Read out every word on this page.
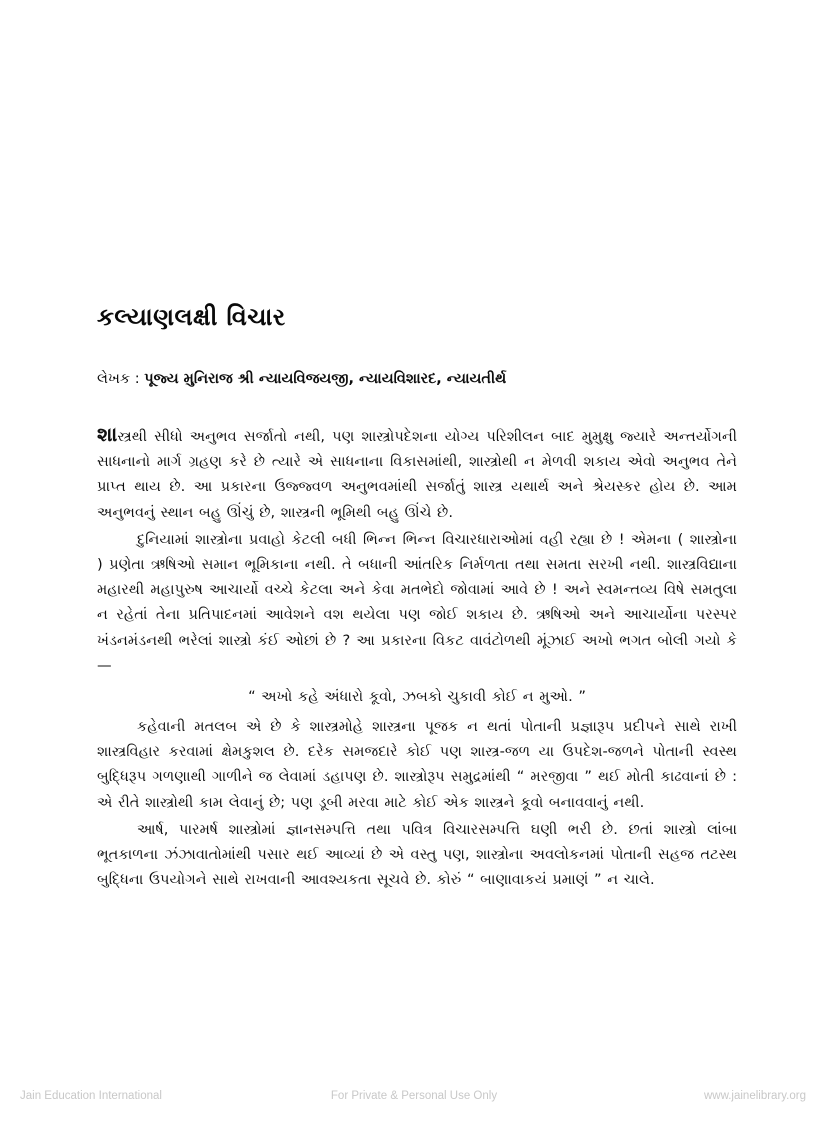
કલ્યાણલક્ષી વિચાર
લેખક : પૂજ્ય મુનિરાજ શ્રી ન્યાયવિજયજી, ન્યાયવિશારદ, ન્યાયતીર્થ

શાસ્ત્રથી સીધો અનુભવ સર્જાતો નથી, પણ શાસ્ત્રોપદેશના યોગ્ય પરિશીલન બાદ મુમુક્ષુ જ્યારે અન્તર્યોગની સાધનાનો માર્ગ ગ્રહણ કરે છે ત્યારે એ સાધનાના વિકાસમાંથી, શાસ્ત્રોથી ન મેળવી શકાય એવો અનુભવ તેને પ્રાપ્ત થાય છે. આ પ્રકારના ઉજ્જ્વળ અનુભવમાંથી સર્જાતું શાસ્ત્ર યથાર્થ અને શ્રેયસ્કર હોય છે. આમ અનુભવનું સ્થાન બહુ ઊંચું છે, શાસ્ત્રની ભૂમિથી બહુ ઊંચે છે.

દુનિયામાં શાસ્ત્રોના પ્રવાહો કેટલી બધી ભિન્ન ભિન્ન વિચારધારાઓમાં વહી રહ્યા છે ! એમના ( શાસ્ત્રોના ) પ્રણેતા ઋષિઓ સમાન ભૂમિકાના નથી. તે બધાની આંતરિક નિર્મળતા તથા સમતા સરખી નથી. શાસ્ત્રવિદ્યાના મહારથી મહાપુરુષ આચાર્યો વચ્ચે કેટલા અને કેવા મતભેદો જોવામાં આવે છે ! અને સ્વમન્તવ્ય વિષે સમતુલા ન રહેતાં તેના પ્રતિપાદનમાં આવેશને વશ થયેલા પણ જોઈ શકાય છે. ઋષિઓ અને આચાર્યોના પરસ્પર ખંડનમંડનથી ભરેલાં શાસ્ત્રો કંઈ ઓછાં છે ? આ પ્રકારના વિકટ વાવંટોળથી મૂંઝાઈ અખો ભગત બોલી ગયો કે—

“ અખો કહે અંધારો કૂવો, ઝબકો ચુકાવી કોઈ ન મુઓ. ”

કહેવાની મતલબ એ છે કે શાસ્ત્રમોહે શાસ્ત્રના પૂજક ન થતાં પોતાની પ્રજ્ઞારૂપ પ્રદીપને સાથે રાખી શાસ્ત્રવિહાર કરવામાં ક્ષેમકુશલ છે. દરેક સમજદારે કોઈ પણ શાસ્ત્ર-જળ યા ઉપદેશ-જળને પોતાની સ્વસ્થ બુદ્ધિરૂપ ગળણાથી ગાળીને જ લેવામાં ડહાપણ છે. શાસ્ત્રોરૂપ સમુદ્રમાંથી “ મરજીવા ” થઈ મોતી કાઢવાનાં છે : એ રીતે શાસ્ત્રોથી કામ લેવાનું છે; પણ ડૂબી મરવા માટે કોઈ એક શાસ્ત્રને કૂવો બનાવવાનું નથી.

આર્ષ, પારમર્ષ શાસ્ત્રોમાં જ્ઞાનસમ્પત્તિ તથા પવિત્ર વિચારસમ્પત્તિ ઘણી ભરી છે. છતાં શાસ્ત્રો લાંબા ભૂતકાળના ઝંઝાવાતોમાંથી પસાર થઈ આવ્યાં છે એ વસ્તુ પણ, શાસ્ત્રોના અવલોકનમાં પોતાની સહજ તટસ્થ બુદ્ધિના ઉપયોગને સાથે રાખવાની આવશ્યકતા સૂચવે છે. કોરું “ બાણાવાકયં પ્રમાણં ” ન ચાલે.

Jain Education International	For Private & Personal Use Only	www.jainelibrary.org
